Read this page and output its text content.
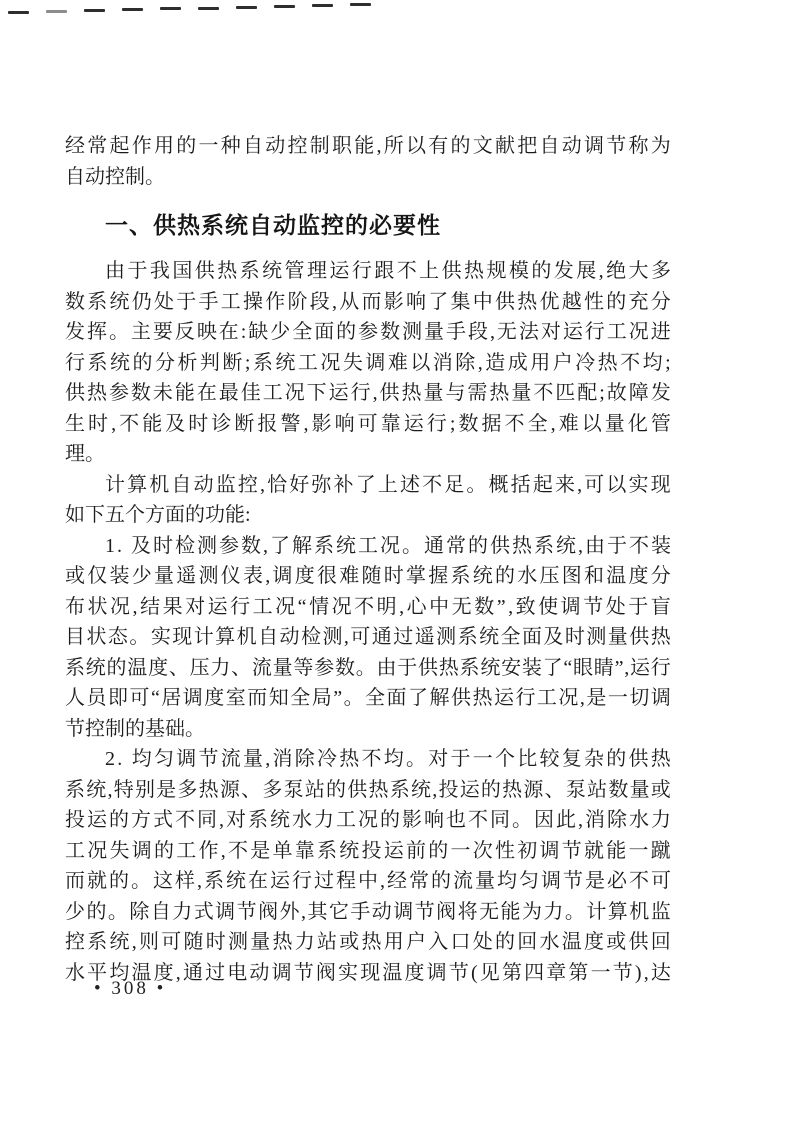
经 常 起 作 用 的 一 种 自 动 控 制 职 能 , 所 以 有 的 文 献 把 自 动 调 节 称 为
自动控制。
一、供热系统自动监控的必要性
由 于 我 国 供 热 系 统 管 理 运 行 跟 不 上 供 热 规 模 的 发 展 , 绝 大 多
数 系 统 仍 处 于 手 工 操 作 阶 段 , 从 而 影 响 了 集 中 供 热 优 越 性 的 充 分
发 挥 。 主 要 反 映 在 : 缺 少 全 面 的 参 数 测 量 手 段 , 无 法 对 运 行 工 况 进
行 系 统 的 分 析 判 断 ; 系 统 工 况 失 调 难 以 消 除 , 造 成 用 户 冷 热 不 均 ;
供 热 参 数 未 能 在 最 佳 工 况 下 运 行 , 供 热 量 与 需 热 量 不 匹 配 ; 故 障 发
生 时 , 不 能 及 时 诊 断 报 警 , 影 响 可 靠 运 行 ; 数 据 不 全 , 难 以 量 化 管
理。
计 算 机 自 动 监 控 , 恰 好 弥 补 了 上 述 不 足 。 概 括 起 来 , 可 以 实 现
如下五个方面的功能:
1 .
及 时 检 测 参 数 , 了 解 系 统 工 况 。 通 常 的 供 热 系 统 , 由 于 不 装
或 仅 装 少 量 遥 测 仪 表 , 调 度 很 难 随 时 掌 握 系 统 的 水 压 图 和 温 度 分
布 状 况 , 结 果 对 运 行 工 况 “ 情 况 不 明 , 心 中 无 数 ” , 致 使 调 节 处 于 盲
目 状 态 。 实 现 计 算 机 自 动 检 测 , 可 通 过 遥 测 系 统 全 面 及 时 测 量 供 热
系 统 的 温 度 、 压 力 、 流 量 等 参 数 。 由 于 供 热 系 统 安 装 了 “ 眼 睛 ” , 运 行
人 员 即 可 “ 居 调 度 室 而 知 全 局 ” 。 全 面 了 解 供 热 运 行 工 况 , 是 一 切 调
节控制的基础。
2 .
均 匀 调 节 流 量 , 消 除 冷 热 不 均 。 对 于 一 个 比 较 复 杂 的 供 热
系 统 , 特 别 是 多 热 源 、 多 泵 站 的 供 热 系 统 , 投 运 的 热 源 、 泵 站 数 量 或
投 运 的 方 式 不 同 , 对 系 统 水 力 工 况 的 影 响 也 不 同 。 因 此 , 消 除 水 力
工 况 失 调 的 工 作 , 不 是 单 靠 系 统 投 运 前 的 一 次 性 初 调 节 就 能 一 蹴
而 就 的 。 这 样 , 系 统 在 运 行 过 程 中 , 经 常 的 流 量 均 匀 调 节 是 必 不 可
少 的 。 除 自 力 式 调 节 阀 外 , 其 它 手 动 调 节 阀 将 无 能 为 力 。 计 算 机 监
控 系 统 , 则 可 随 时 测 量 热 力 站 或 热 用 户 入 口 处 的 回 水 温 度 或 供 回
水 平 均 温 度 , 通 过 电 动 调 节 阀 实 现 温 度 调 节 ( 见 第 四 章 第 一 节 ) , 达
• 308 •
